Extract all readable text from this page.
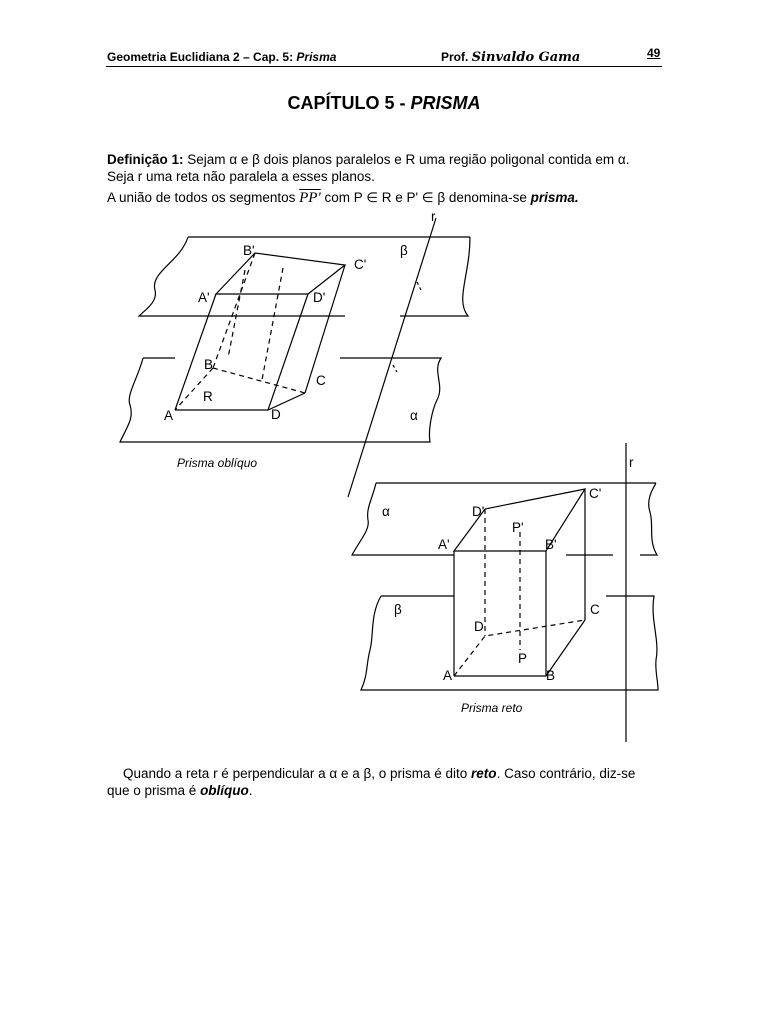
Geometria Euclidiana 2 – Cap. 5: Prisma	Prof. Sinvaldo Gama	49
CAPÍTULO 5 - PRISMA
Definição 1: Sejam α e β dois planos paralelos e R uma região poligonal contida em α.
Seja r uma reta não paralela a esses planos.
A união de todos os segmentos PP' com P ∈ R e P' ∈ β denomina-se prisma.
r
β
α
B'
C'
A'	D'
B
C
R
A	D
Prisma oblíquo	r
α
β
D'
C'
P'
A'	B'
C
D
P
A	B
Prisma reto
Quando a reta r é perpendicular a α e a β, o prisma é dito reto. Caso contrário, diz-se
que o prisma é oblíquo.
